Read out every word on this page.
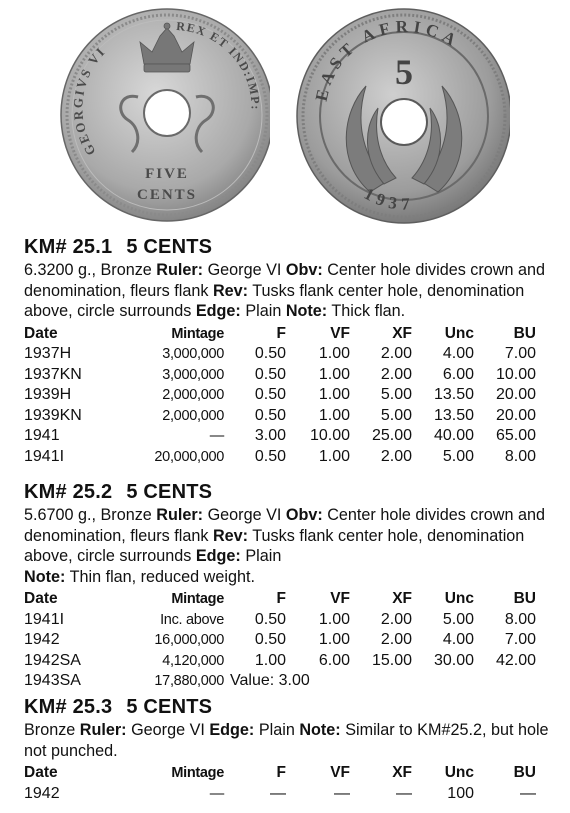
GEORGIVS VI
REX ET IND:IMP:
FIVE
CENTS
EAST AFRICA
5
1937
KM# 25.1 5 CENTS
6.3200 g., Bronze Ruler: George VI Obv: Center hole divides crown and denomination, fleurs flank Rev: Tusks flank center hole, denomination above, circle surrounds Edge: Plain Note: Thick flan.
Date	Mintage	F	VF	XF	Unc	BU
1937H	3,000,000	0.50	1.00	2.00	4.00	7.00
1937KN	3,000,000	0.50	1.00	2.00	6.00	10.00
1939H	2,000,000	0.50	1.00	5.00	13.50	20.00
1939KN	2,000,000	0.50	1.00	5.00	13.50	20.00
1941	—	3.00	10.00	25.00	40.00	65.00
1941I	20,000,000	0.50	1.00	2.00	5.00	8.00
KM# 25.2 5 CENTS
5.6700 g., Bronze Ruler: George VI Obv: Center hole divides crown and denomination, fleurs flank Rev: Tusks flank center hole, denomination above, circle surrounds Edge: Plain
Note: Thin flan, reduced weight.
Date	Mintage	F	VF	XF	Unc	BU
1941I	Inc. above	0.50	1.00	2.00	5.00	8.00
1942	16,000,000	0.50	1.00	2.00	4.00	7.00
1942SA	4,120,000	1.00	6.00	15.00	30.00	42.00
1943SA	17,880,000	Value: 3.00				
KM# 25.3 5 CENTS
Bronze Ruler: George VI Edge: Plain Note: Similar to KM#25.2, but hole not punched.
Date	Mintage	F	VF	XF	Unc	BU
1942	—	—	—	—	100	—
